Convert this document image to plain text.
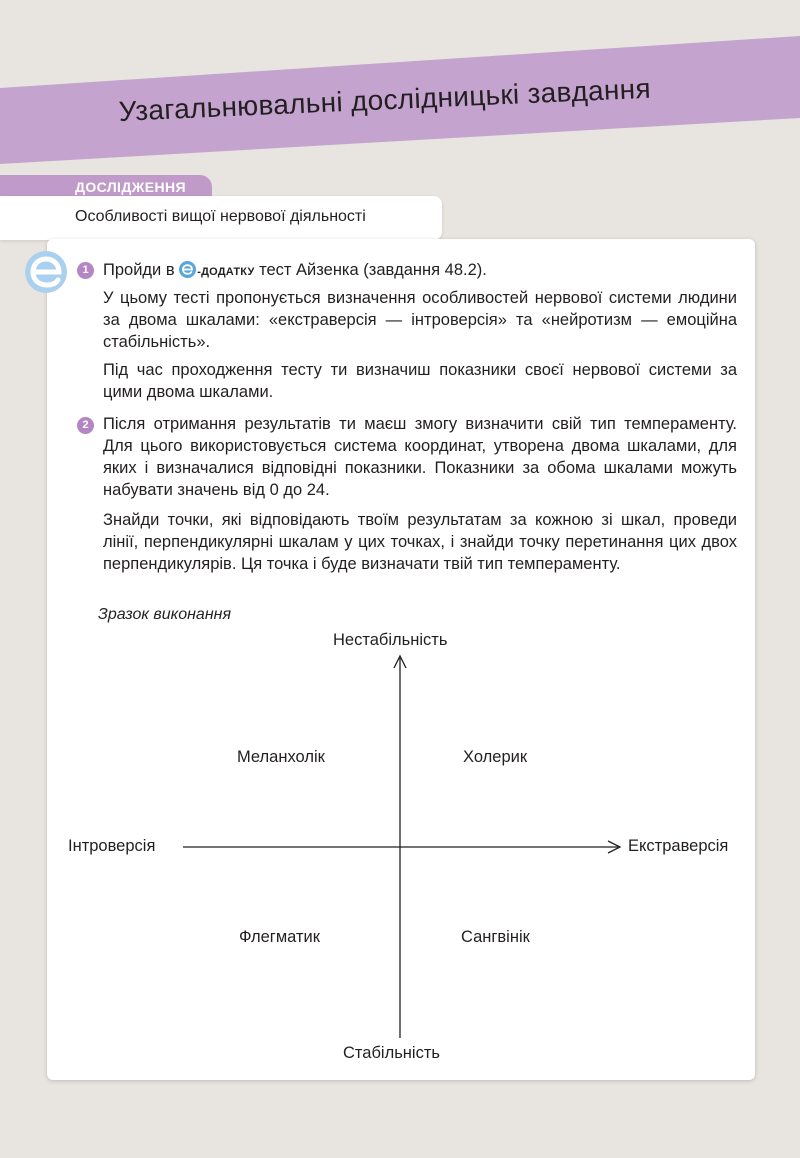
Узагальнювальні дослідницькі завдання
ДОСЛІДЖЕННЯ
Особливості вищої нервової діяльності
1 Пройди в -ДОДАТКУ тест Айзенка (завдання 48.2).
У цьому тесті пропонується визначення особливостей нервової системи людини за двома шкалами: «екстраверсія — інтроверсія» та «нейротизм — емоційна стабільність».
Під час проходження тесту ти визначиш показники своєї нервової системи за цими двома шкалами.
2 Після отримання результатів ти маєш змогу визначити свій тип темпераменту. Для цього використовується система координат, утворена двома шкалами, для яких і визначалися відповідні показники. Показники за обома шкалами можуть набувати значень від 0 до 24.
Знайди точки, які відповідають твоїм результатам за кожною зі шкал, проведи лінії, перпендикулярні шкалам у цих точках, і знайди точку перетинання цих двох перпендикулярів. Ця точка і буде визначати твій тип темпераменту.
Зразок виконання
Нестабільність
Стабільність
Інтроверсія	Екстраверсія
Меланхолік	Холерик
Флегматик	Сангвінік
